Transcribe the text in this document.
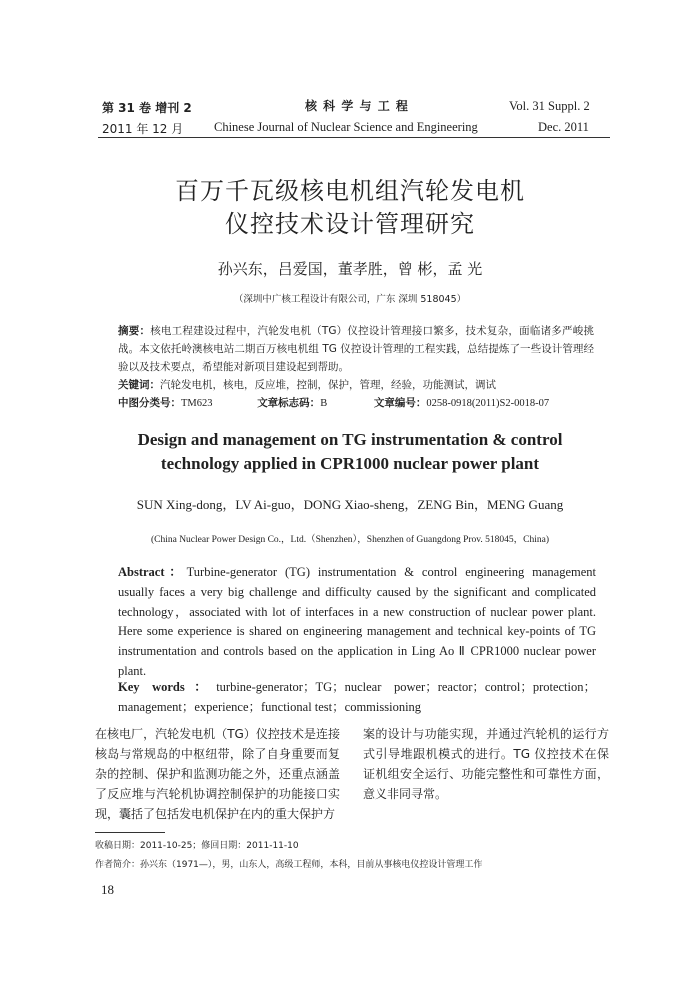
第 31 卷 增刊 2	核 科 学 与 工 程	Vol. 31 Suppl. 2
2011 年 12 月 Chinese Journal of Nuclear Science and Engineering	Dec. 2011
百万千瓦级核电机组汽轮发电机
仪控技术设计管理研究
孙兴东，吕爱国，董孝胜，曾 彬，孟 光
（深圳中广核工程设计有限公司，广东 深圳 518045）
摘要：核电工程建设过程中，汽轮发电机（TG）仪控设计管理接口繁多，技术复杂，面临诸多严峻挑战。本文依托岭澳核电站二期百万核电机组 TG 仪控设计管理的工程实践，总结提炼了一些设计管理经验以及技术要点，希望能对新项目建设起到帮助。
关键词：汽轮发电机，核电，反应堆，控制，保护，管理，经验，功能测试，调试
中图分类号：TM623	文章标志码：B	文章编号：0258-0918(2011)S2-0018-07
Design and management on TG instrumentation & control
technology applied in CPR1000 nuclear power plant
SUN Xing-dong，LV Ai-guo，DONG Xiao-sheng，ZENG Bin，MENG Guang
(China Nuclear Power Design Co.，Ltd.（Shenzhen），Shenzhen of Guangdong Prov. 518045，China)
Abstract：Turbine-generator (TG) instrumentation & control engineering management usually faces a very big challenge and difficulty caused by the significant and complicated technology，associated with lot of interfaces in a new construction of nuclear power plant. Here some experience is shared on engineering management and technical key-points of TG instrumentation and controls based on the application in Ling Ao Ⅱ CPR1000 nuclear power plant.
Key words：turbine-generator；TG；nuclear power；reactor；control；protection；management；experience；functional test；commissioning
在核电厂，汽轮发电机（TG）仪控技术是连接核岛与常规岛的中枢纽带，除了自身重要而复杂的控制、保护和监测功能之外，还重点涵盖了反应堆与汽轮机协调控制保护的功能接口实现，囊括了包括发电机保护在内的重大保护方
案的设计与功能实现，并通过汽轮机的运行方式引导堆跟机模式的进行。TG 仪控技术在保证机组安全运行、功能完整性和可靠性方面，意义非同寻常。
收稿日期：2011-10-25；修回日期：2011-11-10
作者简介：孙兴东（1971—），男，山东人，高级工程师，本科，目前从事核电仪控设计管理工作
18
